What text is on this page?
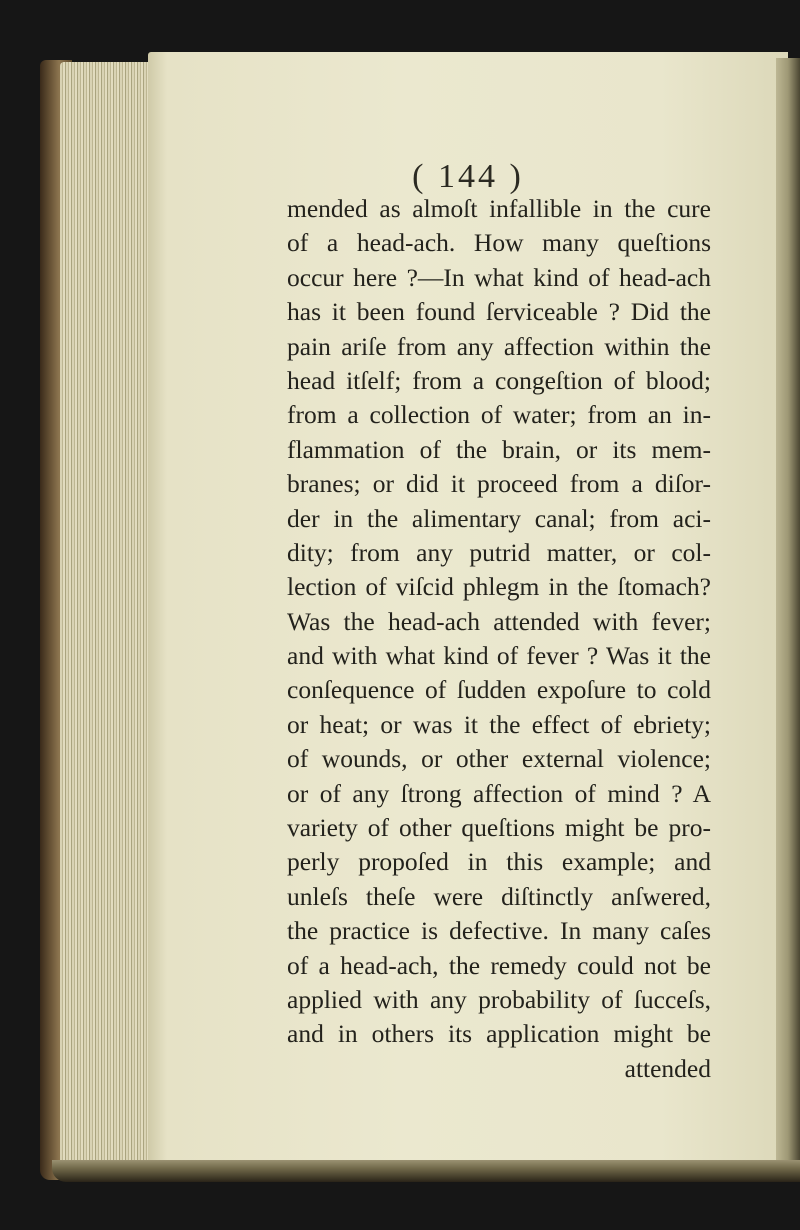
( 144 )
mended as almoſt infallible in the cure
of a head-ach. How many queſtions
occur here ?—In what kind of head-ach
has it been found ſerviceable ? Did the
pain ariſe from any affection within the
head itſelf; from a congeſtion of blood;
from a collection of water; from an in-
flammation of the brain, or its mem-
branes; or did it proceed from a diſor-
der in the alimentary canal; from aci-
dity; from any putrid matter, or col-
lection of viſcid phlegm in the ſtomach?
Was the head-ach attended with fever;
and with what kind of fever ? Was it the
conſequence of ſudden expoſure to cold
or heat; or was it the effect of ebriety;
of wounds, or other external violence;
or of any ſtrong affection of mind ? A
variety of other queſtions might be pro-
perly propoſed in this example; and
unleſs theſe were diſtinctly anſwered,
the practice is defective. In many caſes
of a head-ach, the remedy could not be
applied with any probability of ſucceſs,
and in others its application might be
attended
